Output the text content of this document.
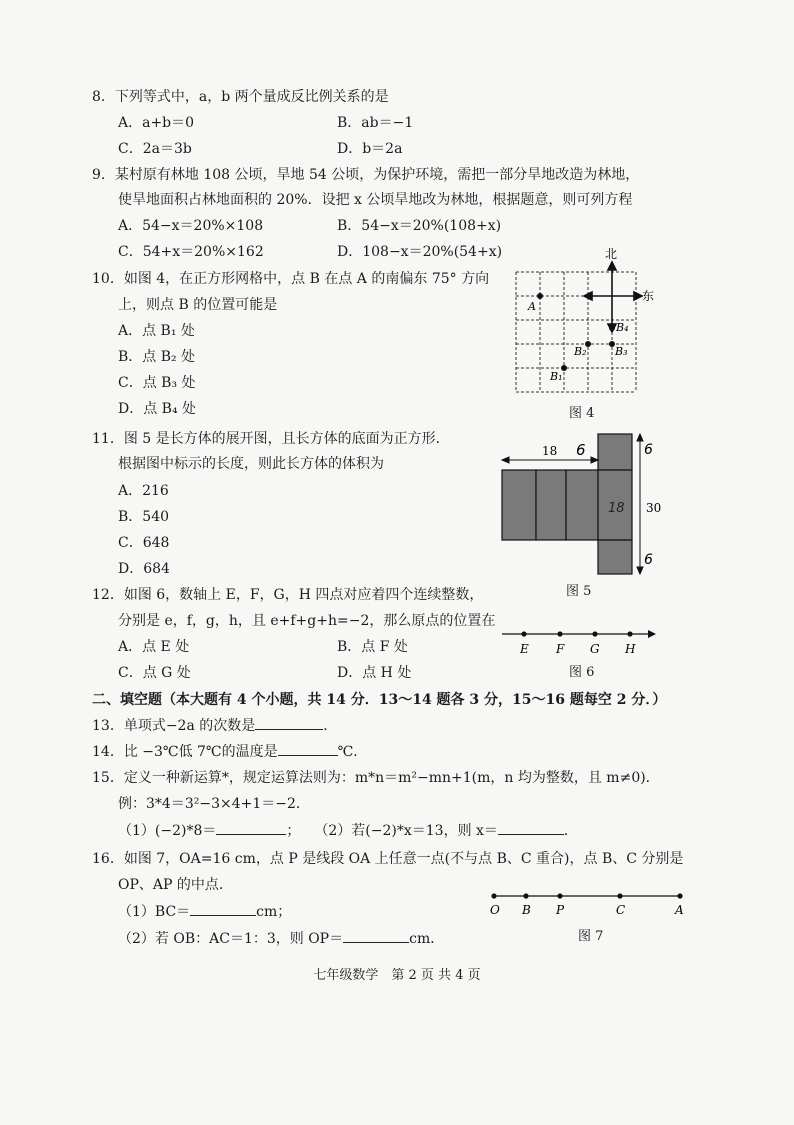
8．下列等式中，a，b 两个量成反比例关系的是
A．a+b＝0	B．ab＝−1
C．2a＝3b	D．b＝2a
9．某村原有林地 108 公顷，旱地 54 公顷，为保护环境，需把一部分旱地改造为林地，
使旱地面积占林地面积的 20%．设把 x 公顷旱地改为林地，根据题意，则可列方程
A．54−x＝20%×108	B．54−x＝20%(108+x)
C．54+x＝20%×162	D．108−x＝20%(54+x)
10．如图 4，在正方形网格中，点 B 在点 A 的南偏东 75° 方向
上，则点 B 的位置可能是
A．点 B₁ 处
B．点 B₂ 处
C．点 B₃ 处
D．点 B₄ 处
北
东
A
B₄
B₂	B₃
B₁
图 4
11．图 5 是长方体的展开图，且长方体的底面为正方形．
根据图中标示的长度，则此长方体的体积为
A．216
B．540
C．648
D．684
18
30
6	6
6
18
图 5
12．如图 6，数轴上 E，F，G，H 四点对应着四个连续整数，
分别是 e，f，g，h，且 e+f+g+h=−2，那么原点的位置在
A．点 E 处	B．点 F 处
C．点 G 处	D．点 H 处
E F G H
图 6
二、填空题（本大题有 4 个小题，共 14 分．13～14 题各 3 分，15～16 题每空 2 分．）
13．单项式−2a 的次数是	．
14．比 −3℃低 7℃的温度是	℃．
15．定义一种新运算*，规定运算法则为：m*n＝m²−mn+1(m，n 均为整数，且 m≠0)．
例：3*4＝3²−3×4+1＝−2．
（1）(−2)*8＝	；  （2）若(−2)*x＝13，则 x＝	．
16．如图 7，OA=16 cm，点 P 是线段 OA 上任意一点(不与点 B、C 重合)，点 B、C 分别是
OP、AP 的中点．
（1）BC＝	cm；
（2）若 OB：AC＝1：3，则 OP＝	cm．
O B P	C	A
图 7
七年级数学　第 2 页 共 4 页
